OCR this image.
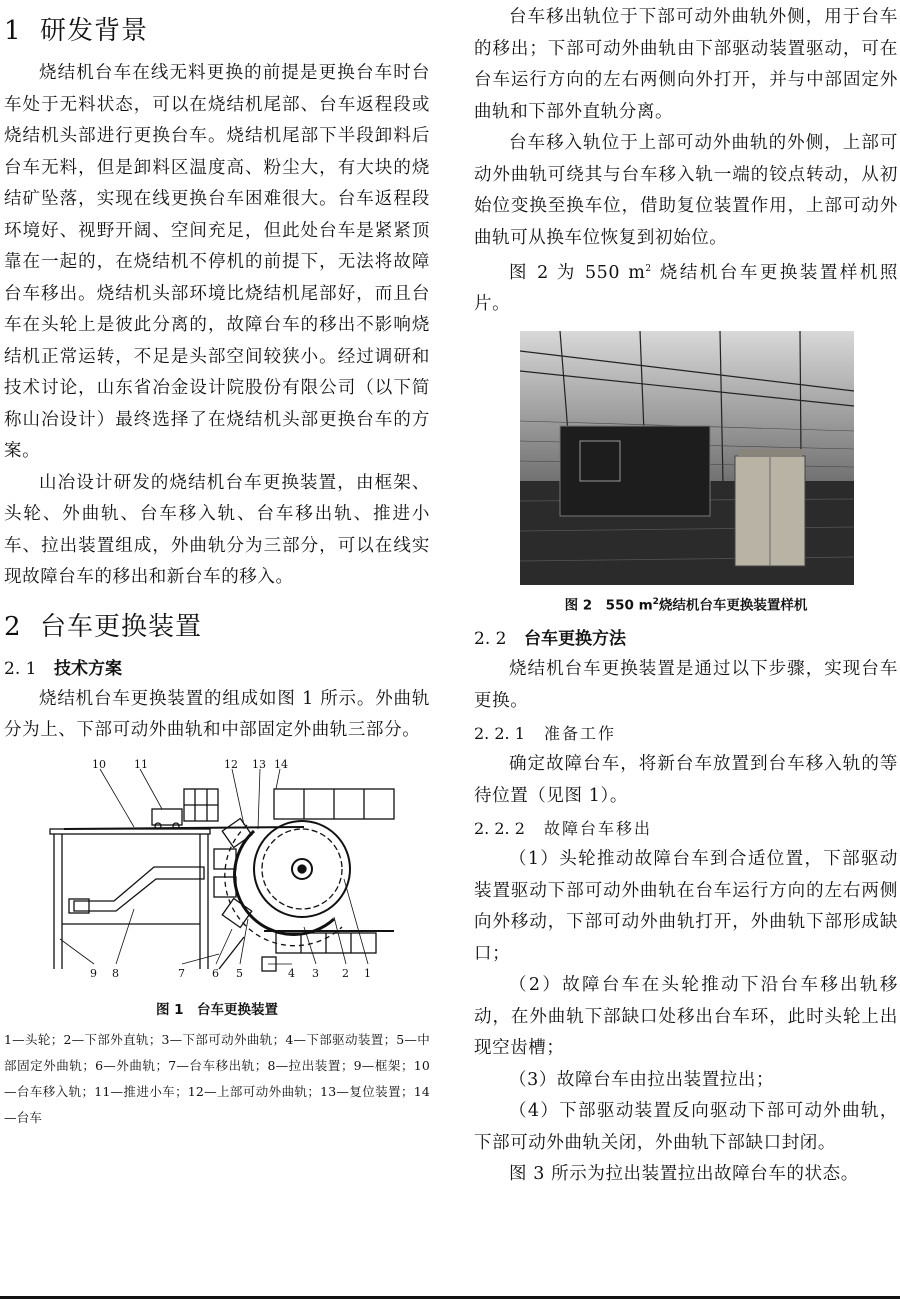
1 研发背景

烧结机台车在线无料更换的前提是更换台车时台车处于无料状态，可以在烧结机尾部、台车返程段或烧结机头部进行更换台车。烧结机尾部下半段卸料后台车无料，但是卸料区温度高、粉尘大，有大块的烧结矿坠落，实现在线更换台车困难很大。台车返程段环境好、视野开阔、空间充足，但此处台车是紧紧顶靠在一起的，在烧结机不停机的前提下，无法将故障台车移出。烧结机头部环境比烧结机尾部好，而且台车在头轮上是彼此分离的，故障台车的移出不影响烧结机正常运转，不足是头部空间较狭小。经过调研和技术讨论，山东省冶金设计院股份有限公司（以下简称山冶设计）最终选择了在烧结机头部更换台车的方案。

山冶设计研发的烧结机台车更换装置，由框架、头轮、外曲轨、台车移入轨、台车移出轨、推进小车、拉出装置组成，外曲轨分为三部分，可以在线实现故障台车的移出和新台车的移入。

2 台车更换装置
2. 1 技术方案

烧结机台车更换装置的组成如图 1 所示。外曲轨分为上、下部可动外曲轨和中部固定外曲轨三部分。

10	11	12 13 14
9 8	7 6 5	4 3 2 1
图 1　台车更换装置
1—头轮；2—下部外直轨；3—下部可动外曲轨；4—下部驱动装置；5—中部固定外曲轨；6—外曲轨；7—台车移出轨；8—拉出装置；9—框架；10—台车移入轨；11—推进小车；12—上部可动外曲轨；13—复位装置；14—台车

台车移出轨位于下部可动外曲轨外侧，用于台车的移出；下部可动外曲轨由下部驱动装置驱动，可在台车运行方向的左右两侧向外打开，并与中部固定外曲轨和下部外直轨分离。

台车移入轨位于上部可动外曲轨的外侧，上部可动外曲轨可绕其与台车移入轨一端的铰点转动，从初始位变换至换车位，借助复位装置作用，上部可动外曲轨可从换车位恢复到初始位。

图 2 为 550 $m^2$ 烧结机台车更换装置样机照片。

图 2　550 $m^2$烧结机台车更换装置样机
2. 2 台车更换方法

烧结机台车更换装置是通过以下步骤，实现台车更换。

2. 2. 1 准备工作

确定故障台车，将新台车放置到台车移入轨的等待位置（见图 1）。

2. 2. 2 故障台车移出

（1）头轮推动故障台车到合适位置，下部驱动装置驱动下部可动外曲轨在台车运行方向的左右两侧向外移动，下部可动外曲轨打开，外曲轨下部形成缺口；

（2）故障台车在头轮推动下沿台车移出轨移动，在外曲轨下部缺口处移出台车环，此时头轮上出现空齿槽；

（3）故障台车由拉出装置拉出；

（4）下部驱动装置反向驱动下部可动外曲轨，下部可动外曲轨关闭，外曲轨下部缺口封闭。

图 3 所示为拉出装置拉出故障台车的状态。
